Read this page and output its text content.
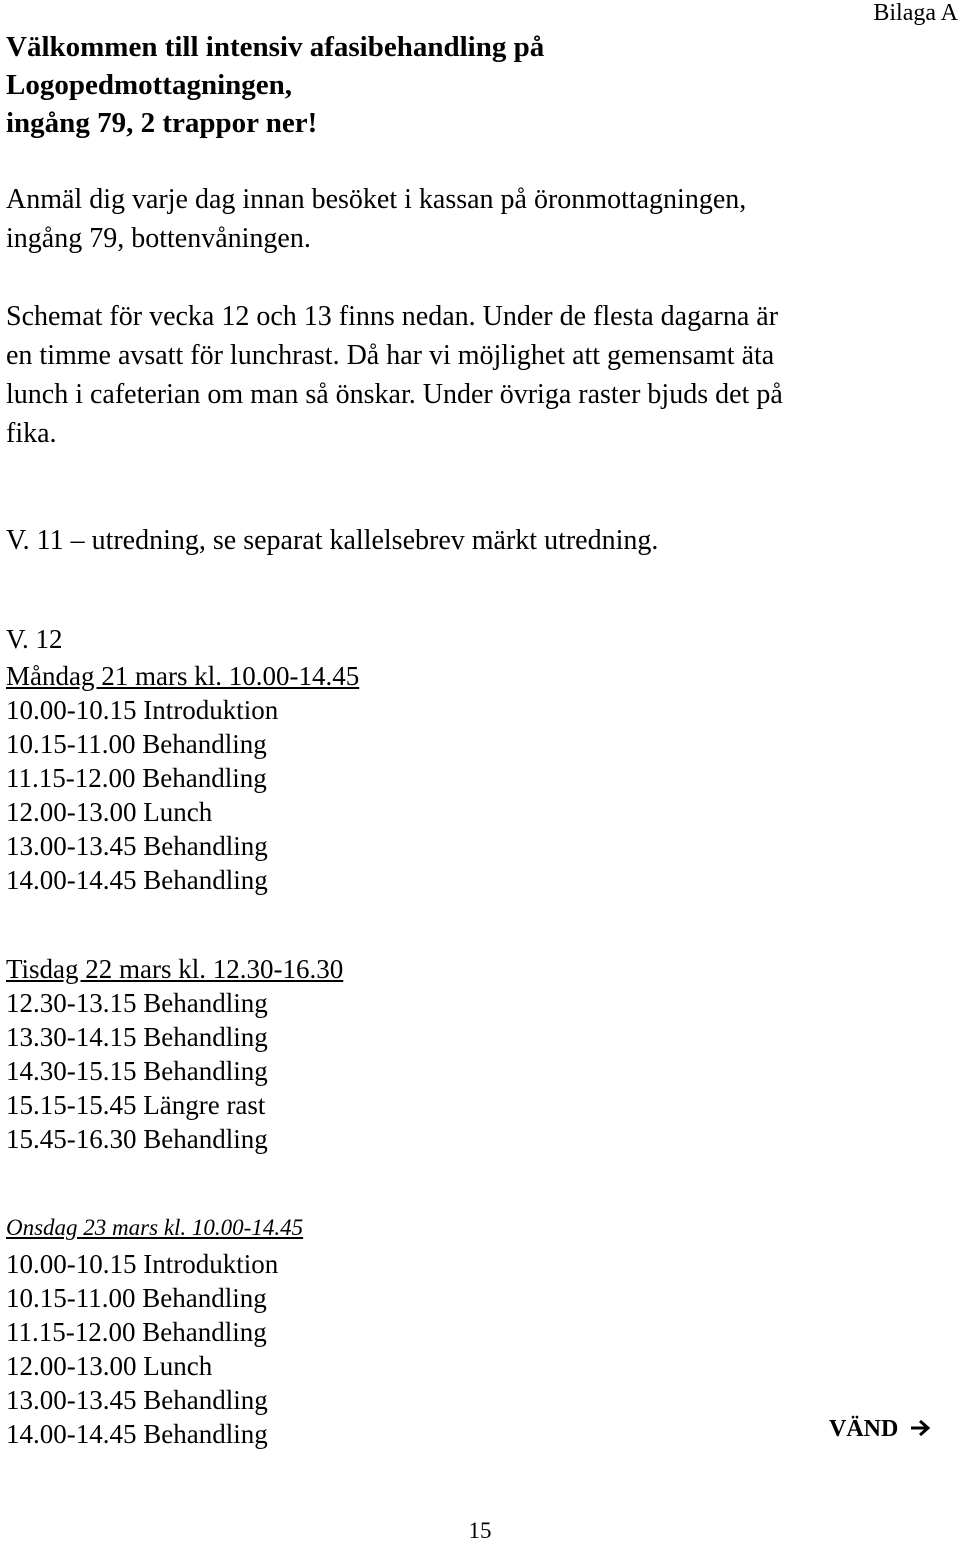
Bilaga A
Välkommen till intensiv afasibehandling på
Logopedmottagningen,
ingång 79, 2 trappor ner!
Anmäl dig varje dag innan besöket i kassan på öronmottagningen,
ingång 79, bottenvåningen.
Schemat för vecka 12 och 13 finns nedan. Under de flesta dagarna är
en timme avsatt för lunchrast. Då har vi möjlighet att gemensamt äta
lunch i cafeterian om man så önskar. Under övriga raster bjuds det på
fika.
V. 11 – utredning, se separat kallelsebrev märkt utredning.
V. 12
Måndag 21 mars kl. 10.00-14.45
10.00-10.15 Introduktion
10.15-11.00 Behandling
11.15-12.00 Behandling
12.00-13.00 Lunch
13.00-13.45 Behandling
14.00-14.45 Behandling
Tisdag 22 mars kl. 12.30-16.30
12.30-13.15 Behandling
13.30-14.15 Behandling
14.30-15.15 Behandling
15.15-15.45 Längre rast
15.45-16.30 Behandling
Onsdag 23 mars kl. 10.00-14.45
10.00-10.15 Introduktion
10.15-11.00 Behandling
11.15-12.00 Behandling
12.00-13.00 Lunch
13.00-13.45 Behandling
14.00-14.45 Behandling	VÄND
15
